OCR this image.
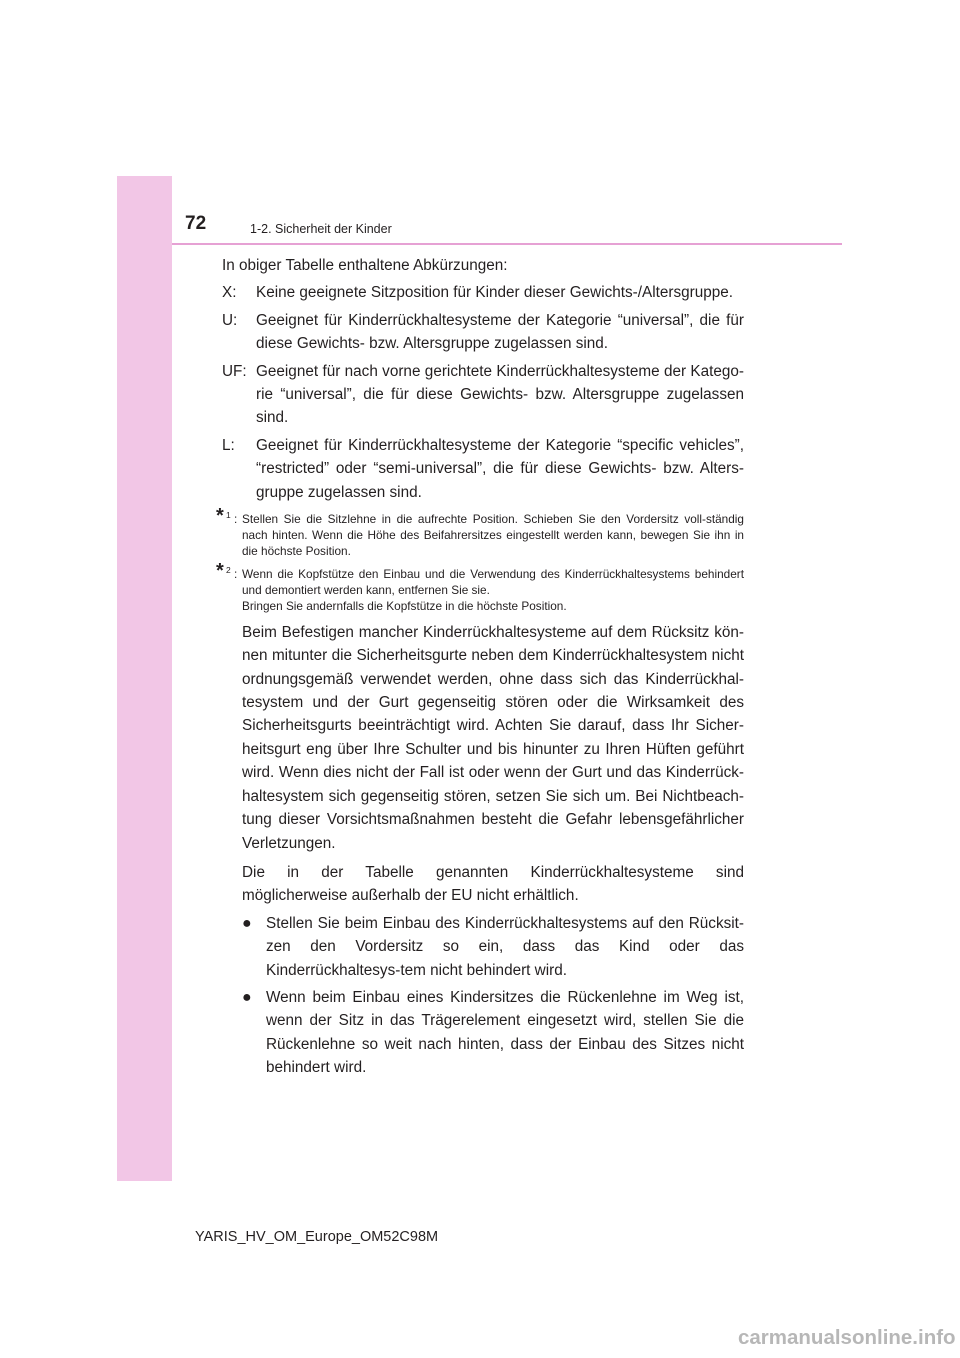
72	1-2. Sicherheit der Kinder

In obiger Tabelle enthaltene Abkürzungen:

X:	Keine geeignete Sitzposition für Kinder dieser Gewichts-/Altersgruppe.
U:	Geeignet für Kinderrückhaltesysteme der Kategorie “universal”, die für diese Gewichts- bzw. Altersgruppe zugelassen sind.
UF: Geeignet für nach vorne gerichtete Kinderrückhaltesysteme der Katego-rie “universal”, die für diese Gewichts- bzw. Altersgruppe zugelassen sind.
L:	Geeignet für Kinderrückhaltesysteme der Kategorie “specific vehicles”, “restricted” oder “semi-universal”, die für diese Gewichts- bzw. Alters-gruppe zugelassen sind.
* 1 : Stellen Sie die Sitzlehne in die aufrechte Position. Schieben Sie den Vordersitz voll-ständig nach hinten. Wenn die Höhe des Beifahrersitzes eingestellt werden kann, bewegen Sie ihn in die höchste Position.
* 2 : Wenn die Kopfstütze den Einbau und die Verwendung des Kinderrückhaltesystems behindert und demontiert werden kann, entfernen Sie sie.
Bringen Sie andernfalls die Kopfstütze in die höchste Position.

Beim Befestigen mancher Kinderrückhaltesysteme auf dem Rücksitz kön-nen mitunter die Sicherheitsgurte neben dem Kinderrückhaltesystem nicht ordnungsgemäß verwendet werden, ohne dass sich das Kinderrückhal-tesystem und der Gurt gegenseitig stören oder die Wirksamkeit des Sicherheitsgurts beeinträchtigt wird. Achten Sie darauf, dass Ihr Sicher-heitsgurt eng über Ihre Schulter und bis hinunter zu Ihren Hüften geführt wird. Wenn dies nicht der Fall ist oder wenn der Gurt und das Kinderrück-haltesystem sich gegenseitig stören, setzen Sie sich um. Bei Nichtbeach-tung dieser Vorsichtsmaßnahmen besteht die Gefahr lebensgefährlicher Verletzungen.

Die in der Tabelle genannten Kinderrückhaltesysteme sind möglicherweise außerhalb der EU nicht erhältlich.

● Stellen Sie beim Einbau des Kinderrückhaltesystems auf den Rücksit-zen den Vordersitz so ein, dass das Kind oder das Kinderrückhaltesys-tem nicht behindert wird.
● Wenn beim Einbau eines Kindersitzes die Rückenlehne im Weg ist, wenn der Sitz in das Trägerelement eingesetzt wird, stellen Sie die Rückenlehne so weit nach hinten, dass der Einbau des Sitzes nicht behindert wird.
YARIS_HV_OM_Europe_OM52C98M
carmanualsonline.info
